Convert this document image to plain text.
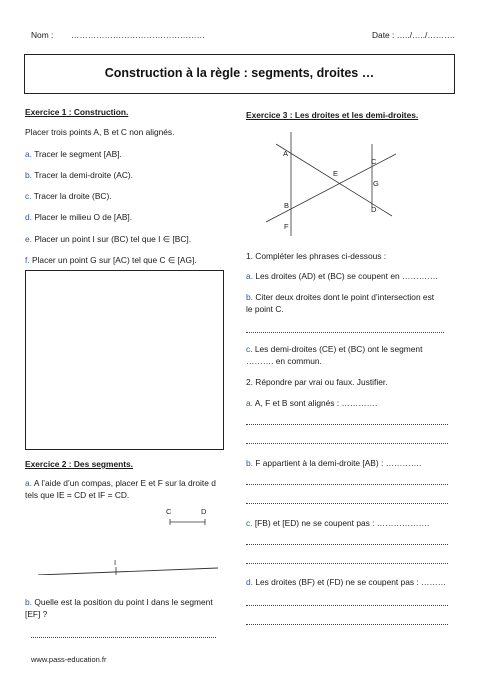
Nom : …………………………………………	Date : …../…../……….
Construction à la règle : segments, droites …
Exercice 1 : Construction.
Placer trois points A, B et C non alignés.
a. Tracer le segment [AB].
b. Tracer la demi-droite (AC).
c. Tracer la droite (BC).
d. Placer le milieu O de [AB].
e. Placer un point I sur (BC) tel que I ∈ [BC].
f. Placer un point G sur [AC) tel que C ∈ [AG].
Exercice 2 : Des segments.
a. A l’aide d’un compas, placer E et F sur la droite d
tels que IE = CD et IF = CD.
C	D
I
b. Quelle est la position du point I dans le segment
[EF] ?
Exercice 3 : Les droites et les demi-droites.
A
B
F
E
C
G
D
1. Compléter les phrases ci-dessous :
a. Les droites (AD) et (BC) se coupent en ………….
b. Citer deux droites dont le point d’intersection est
le point C.
c. Les demi-droites (CE) et (BC) ont le segment
………. en commun.
2. Répondre par vrai ou faux. Justifier.
a. A, F et B sont alignés : ………….
b. F appartient à la demi-droite [AB) : ………….
c. [FB) et [ED) ne se coupent pas : ……………….
d. Les droites (BF) et (FD) ne se coupent pas : ………
www.pass-education.fr
